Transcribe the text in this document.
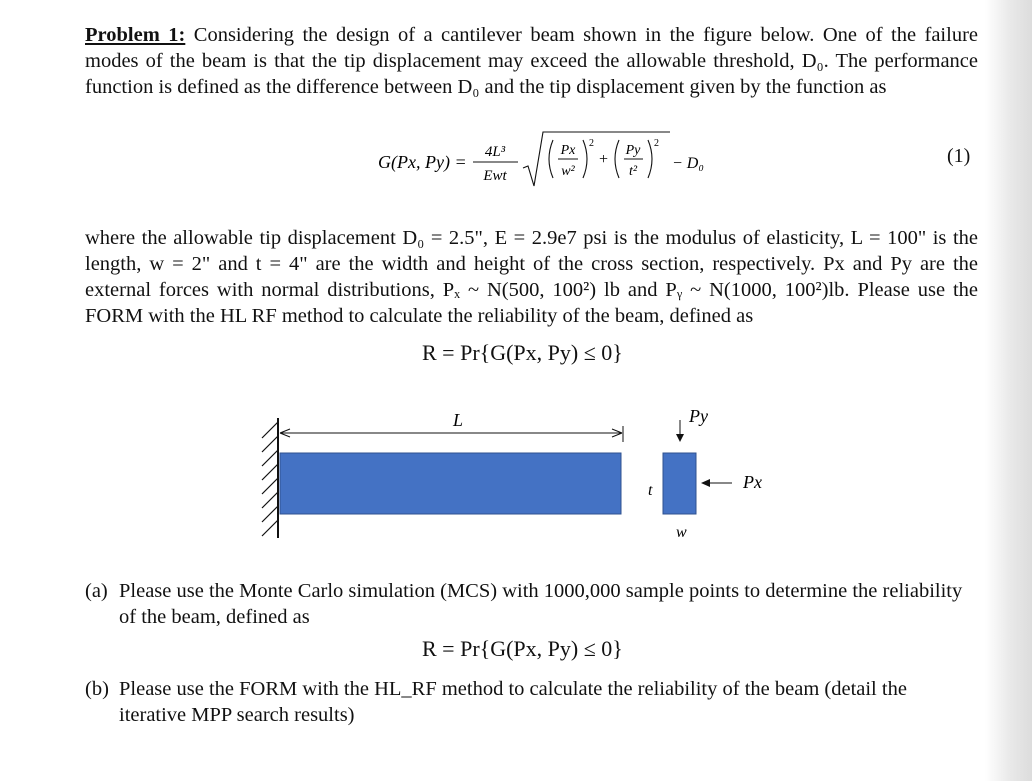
Problem 1: Considering the design of a cantilever beam shown in the figure below. One of the failure modes of the beam is that the tip displacement may exceed the allowable threshold, D₀. The performance function is defined as the difference between D₀ and the tip displacement given by the function as
G(Px, Py) = 4L³
Ewt
Px
w²
2
+
Py
t²
2
− D₀	(1)
where the allowable tip displacement D₀ = 2.5", E = 2.9e7 psi is the modulus of elasticity, L = 100" is the length, w = 2" and t = 4" are the width and height of the cross section, respectively. Px and Py are the external forces with normal distributions, Pₓ ~ N(500, 100²) lb and Pᵧ ~ N(1000, 100²)lb. Please use the FORM with the HL RF method to calculate the reliability of the beam, defined as
R = Pr{G(Px, Py) ≤ 0}
L	Py
Px
t
w
(a) Please use the Monte Carlo simulation (MCS) with 1000,000 sample points to determine the reliability of the beam, defined as
R = Pr{G(Px, Py) ≤ 0}
(b) Please use the FORM with the HL_RF method to calculate the reliability of the beam (detail the iterative MPP search results)
